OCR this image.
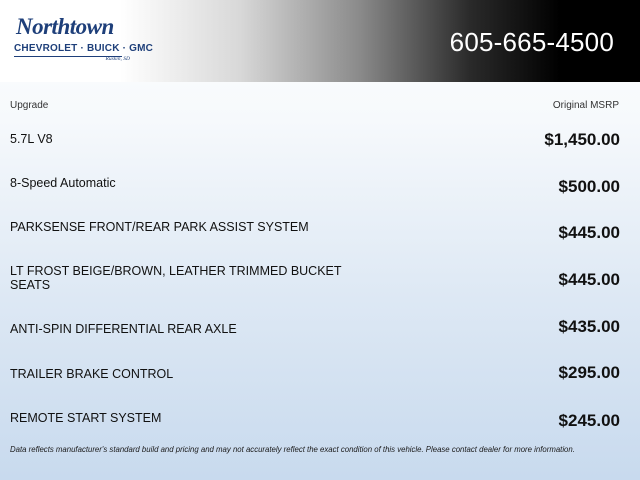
Northtown
CHEVROLET · BUICK · GMC
Ruskin, SD
605-665-4500
Upgrade	Original MSRP
5.7L V8	$1,450.00
8-Speed Automatic	$500.00
PARKSENSE FRONT/REAR PARK ASSIST SYSTEM	$445.00
LT FROST BEIGE/BROWN, LEATHER TRIMMED BUCKET SEATS	$445.00
ANTI-SPIN DIFFERENTIAL REAR AXLE	$435.00
TRAILER BRAKE CONTROL	$295.00
REMOTE START SYSTEM	$245.00
Data reflects manufacturer's standard build and pricing and may not accurately reflect the exact condition of this vehicle. Please contact dealer for more information.
